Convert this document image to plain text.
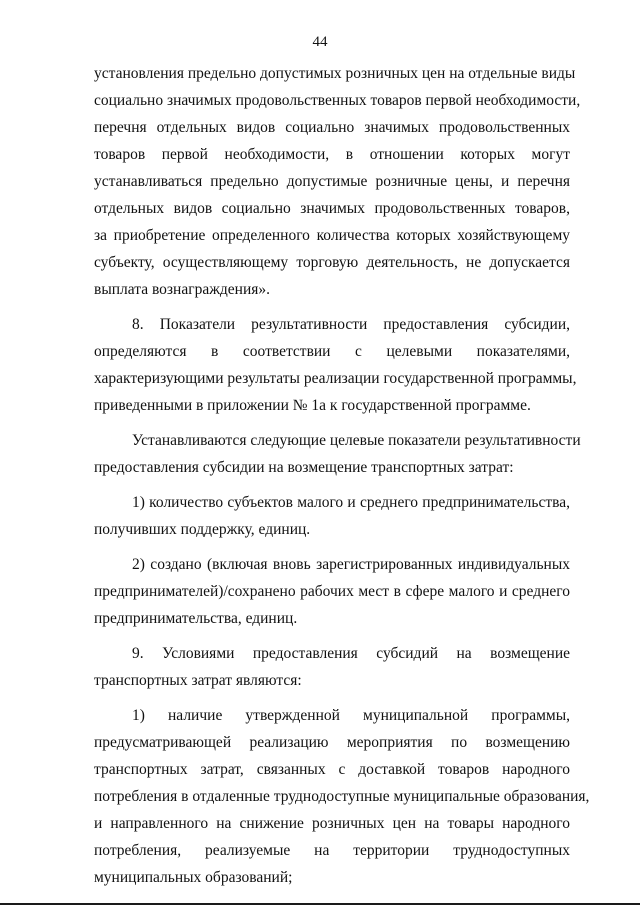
44
установления предельно допустимых розничных цен на отдельные виды
социально значимых продовольственных товаров первой необходимости,
перечня отдельных видов социально значимых продовольственных
товаров первой необходимости, в отношении которых могут
устанавливаться предельно допустимые розничные цены, и перечня
отдельных видов социально значимых продовольственных товаров,
за приобретение определенного количества которых хозяйствующему
субъекту, осуществляющему торговую деятельность, не допускается
выплата вознаграждения».
8. Показатели результативности предоставления субсидии,
определяются в соответствии с целевыми показателями,
характеризующими результаты реализации государственной программы,
приведенными в приложении № 1а к государственной программе.
Устанавливаются следующие целевые показатели результативности
предоставления субсидии на возмещение транспортных затрат:
1) количество субъектов малого и среднего предпринимательства,
получивших поддержку, единиц.
2) создано (включая вновь зарегистрированных индивидуальных
предпринимателей)/сохранено рабочих мест в сфере малого и среднего
предпринимательства, единиц.
9. Условиями предоставления субсидий на возмещение
транспортных затрат являются:
1) наличие утвержденной муниципальной программы,
предусматривающей реализацию мероприятия по возмещению
транспортных затрат, связанных с доставкой товаров народного
потребления в отдаленные труднодоступные муниципальные образования,
и направленного на снижение розничных цен на товары народного
потребления, реализуемые на территории труднодоступных
муниципальных образований;
